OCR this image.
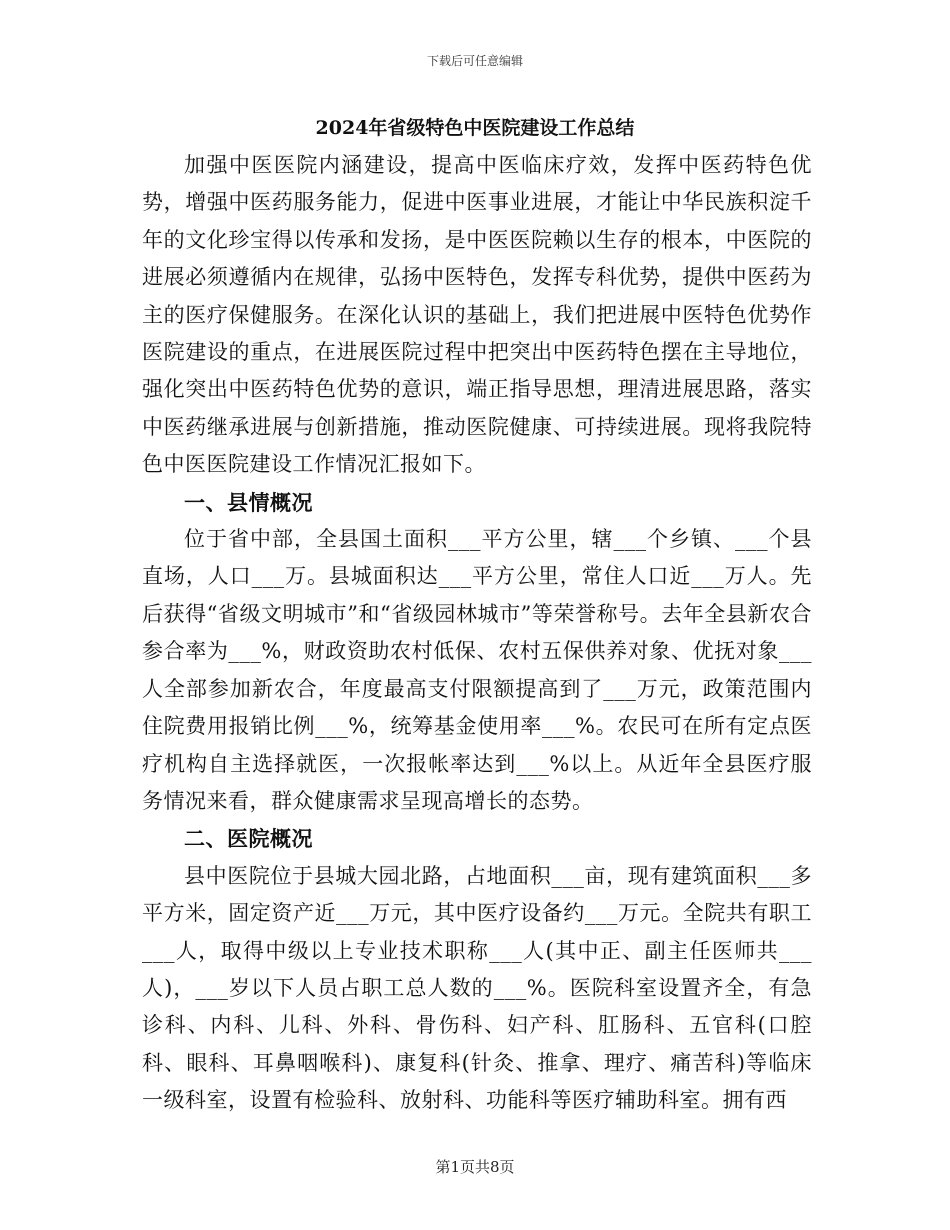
下载后可任意编辑
2024年省级特色中医院建设工作总结

加强中医医院内涵建设，提高中医临床疗效，发挥中医药特色优势，增强中医药服务能力，促进中医事业进展，才能让中华民族积淀千年的文化珍宝得以传承和发扬，是中医医院赖以生存的根本，中医院的进展必须遵循内在规律，弘扬中医特色，发挥专科优势，提供中医药为主的医疗保健服务。在深化认识的基础上，我们把进展中医特色优势作医院建设的重点，在进展医院过程中把突出中医药特色摆在主导地位，强化突出中医药特色优势的意识，端正指导思想，理清进展思路，落实中医药继承进展与创新措施，推动医院健康、可持续进展。现将我院特色中医医院建设工作情况汇报如下。

一、县情概况

位于省中部，全县国土面积___平方公里，辖___个乡镇、___个县直场，人口___万。县城面积达___平方公里，常住人口近___万人。先后获得“省级文明城市”和“省级园林城市”等荣誉称号。去年全县新农合参合率为___%，财政资助农村低保、农村五保供养对象、优抚对象___人全部参加新农合，年度最高支付限额提高到了___万元，政策范围内住院费用报销比例___%，统筹基金使用率___%。农民可在所有定点医疗机构自主选择就医，一次报帐率达到___%以上。从近年全县医疗服务情况来看，群众健康需求呈现高增长的态势。

二、医院概况

县中医院位于县城大园北路，占地面积___亩，现有建筑面积___多平方米，固定资产近___万元，其中医疗设备约___万元。全院共有职工___人，取得中级以上专业技术职称___人(其中正、副主任医师共___人)，___岁以下人员占职工总人数的___%。医院科室设置齐全，有急诊科、内科、儿科、外科、骨伤科、妇产科、肛肠科、五官科(口腔科、眼科、耳鼻咽喉科)、康复科(针灸、推拿、理疗、痛苦科)等临床一级科室，设置有检验科、放射科、功能科等医疗辅助科室。拥有西

第1页共8页
